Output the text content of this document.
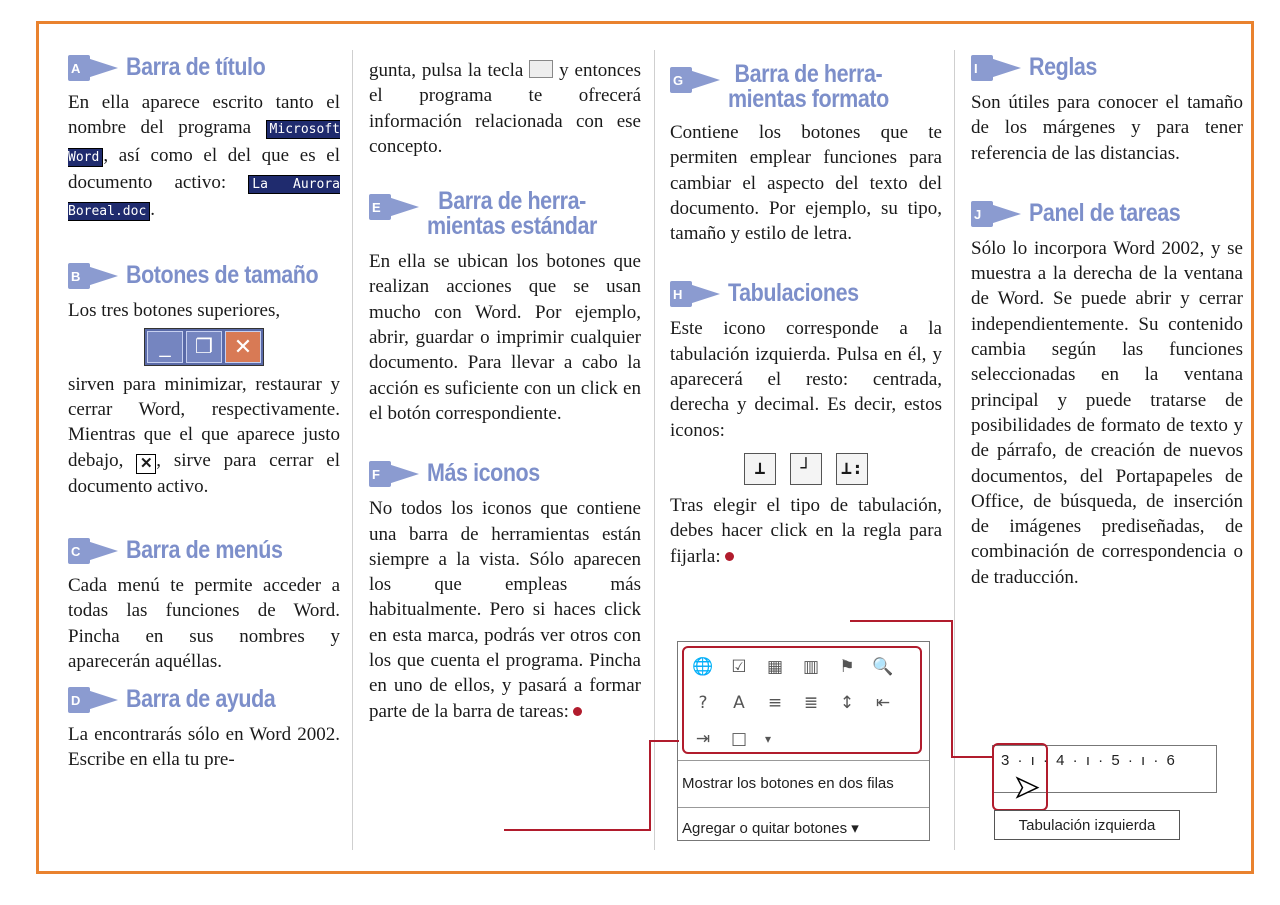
A Barra de título

En ella aparece escrito tanto el nombre del programa Microsoft Word , así como el del que es el documento activo: La Aurora Boreal.doc .

B Botones de tamaño

Los tres botones superiores,

_	❐ ✕

sirven para minimizar, restaurar y cerrar Word, respectivamente. Mientras que el que aparece justo debajo, ✕ , sirve para cerrar el documento activo.

C Barra de menús

Cada menú te permite acceder a todas las funciones de Word. Pincha en sus nombres y aparecerán aquéllas.

D Barra de ayuda

La encontrarás sólo en Word 2002. Escribe en ella tu pre-

gunta, pulsa la tecla y entonces el programa te ofrecerá información relacionada con ese concepto.

E	Barra de herra-
mientas estándar

En ella se ubican los botones que realizan acciones que se usan mucho con Word. Por ejemplo, abrir, guardar o imprimir cualquier documento. Para llevar a cabo la acción es suficiente con un click en el botón correspondiente.

F Más iconos

No todos los iconos que contiene una barra de herramientas están siempre a la vista. Sólo aparecen los que empleas más habitualmente. Pero si haces click en esta marca, podrás ver otros con los que cuenta el programa. Pincha en uno de ellos, y pasará a formar parte de la barra de tareas:

G Barra de herra-
mientas formato

Contiene los botones que te permiten emplear funciones para cambiar el aspecto del texto del documento. Por ejemplo, su tipo, tamaño y estilo de letra.

H Tabulaciones

Este icono corresponde a la tabulación izquierda. Pulsa en él, y aparecerá el resto: centrada, derecha y decimal. Es decir, estos iconos:

⊥	┘	⊥:

Tras elegir el tipo de tabulación, debes hacer click en la regla para fijarla:

I Reglas

Son útiles para conocer el tamaño de los márgenes y para tener referencia de las distancias.

J Panel de tareas

Sólo lo incorpora Word 2002, y se muestra a la derecha de la ventana de Word. Se puede abrir y cerrar independientemente. Su contenido cambia según las funciones seleccionadas en la ventana principal y puede tratarse de posibilidades de formato de texto y de párrafo, de creación de nuevos documentos, del Portapapeles de Office, de búsqueda, de inserción de imágenes prediseñadas, de combinación de correspondencia o de traducción.

🌐	☑	▦ ▥	⚑	🔍
?	A	≡	≣	↕	⇤
⇥	□	▾
Mostrar los botones en dos filas
Agregar o quitar botones ▾
3 · ı · 4 · ı · 5 · ı · 6
➤
Tabulación izquierda
